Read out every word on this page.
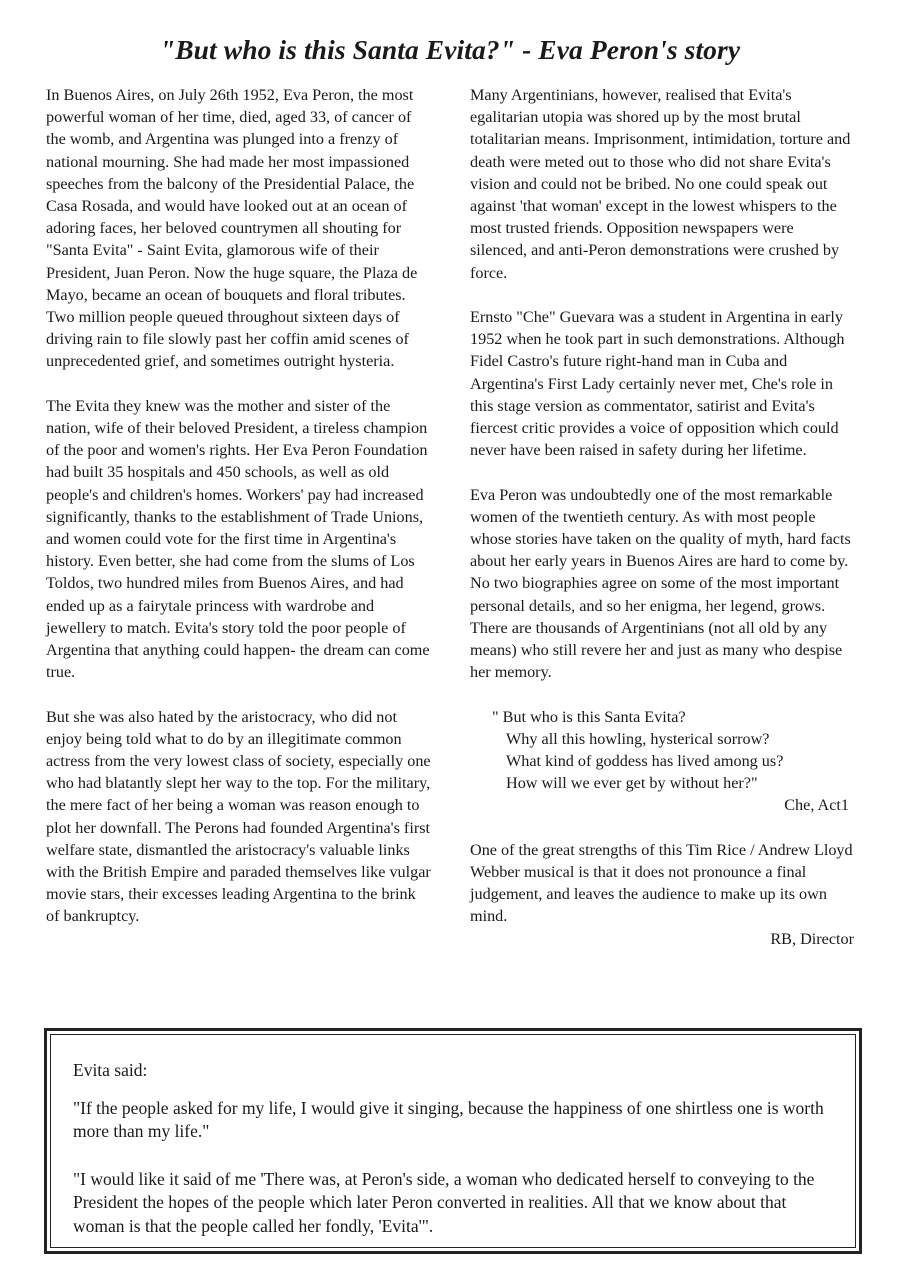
"But who is this Santa Evita?" - Eva Peron's story

In Buenos Aires, on July 26th 1952, Eva Peron, the most powerful woman of her time, died, aged 33, of cancer of the womb, and Argentina was plunged into a frenzy of national mourning. She had made her most impassioned speeches from the balcony of the Presidential Palace, the Casa Rosada, and would have looked out at an ocean of adoring faces, her beloved countrymen all shouting for "Santa Evita" - Saint Evita, glamorous wife of their President, Juan Peron. Now the huge square, the Plaza de Mayo, became an ocean of bouquets and floral tributes. Two million people queued throughout sixteen days of driving rain to file slowly past her coffin amid scenes of unprecedented grief, and sometimes outright hysteria.

The Evita they knew was the mother and sister of the nation, wife of their beloved President, a tireless champion of the poor and women's rights. Her Eva Peron Foundation had built 35 hospitals and 450 schools, as well as old people's and children's homes. Workers' pay had increased significantly, thanks to the establishment of Trade Unions, and women could vote for the first time in Argentina's history. Even better, she had come from the slums of Los Toldos, two hundred miles from Buenos Aires, and had ended up as a fairytale princess with wardrobe and jewellery to match. Evita's story told the poor people of Argentina that anything could happen- the dream can come true.

But she was also hated by the aristocracy, who did not enjoy being told what to do by an illegitimate common actress from the very lowest class of society, especially one who had blatantly slept her way to the top. For the military, the mere fact of her being a woman was reason enough to plot her downfall. The Perons had founded Argentina's first welfare state, dismantled the aristocracy's valuable links with the British Empire and paraded themselves like vulgar movie stars, their excesses leading Argentina to the brink of bankruptcy.

Many Argentinians, however, realised that Evita's egalitarian utopia was shored up by the most brutal totalitarian means. Imprisonment, intimidation, torture and death were meted out to those who did not share Evita's vision and could not be bribed. No one could speak out against 'that woman' except in the lowest whispers to the most trusted friends. Opposition newspapers were silenced, and anti-Peron demonstrations were crushed by force.

Ernsto "Che" Guevara was a student in Argentina in early 1952 when he took part in such demonstrations. Although Fidel Castro's future right-hand man in Cuba and Argentina's First Lady certainly never met, Che's role in this stage version as commentator, satirist and Evita's fiercest critic provides a voice of opposition which could never have been raised in safety during her lifetime.

Eva Peron was undoubtedly one of the most remarkable women of the twentieth century. As with most people whose stories have taken on the quality of myth, hard facts about her early years in Buenos Aires are hard to come by. No two biographies agree on some of the most important personal details, and so her enigma, her legend, grows. There are thousands of Argentinians (not all old by any means) who still revere her and just as many who despise her memory.

" But who is this Santa Evita?
Why all this howling, hysterical sorrow?
What kind of goddess has lived among us?
How will we ever get by without her?"
Che, Act1

One of the great strengths of this Tim Rice / Andrew Lloyd Webber musical is that it does not pronounce a final judgement, and leaves the audience to make up its own mind.

RB, Director

Evita said:

"If the people asked for my life, I would give it singing, because the happiness of one shirtless one is worth more than my life."

"I would like it said of me 'There was, at Peron's side, a woman who dedicated herself to conveying to the President the hopes of the people which later Peron converted in realities. All that we know about that woman is that the people called her fondly, 'Evita'".
